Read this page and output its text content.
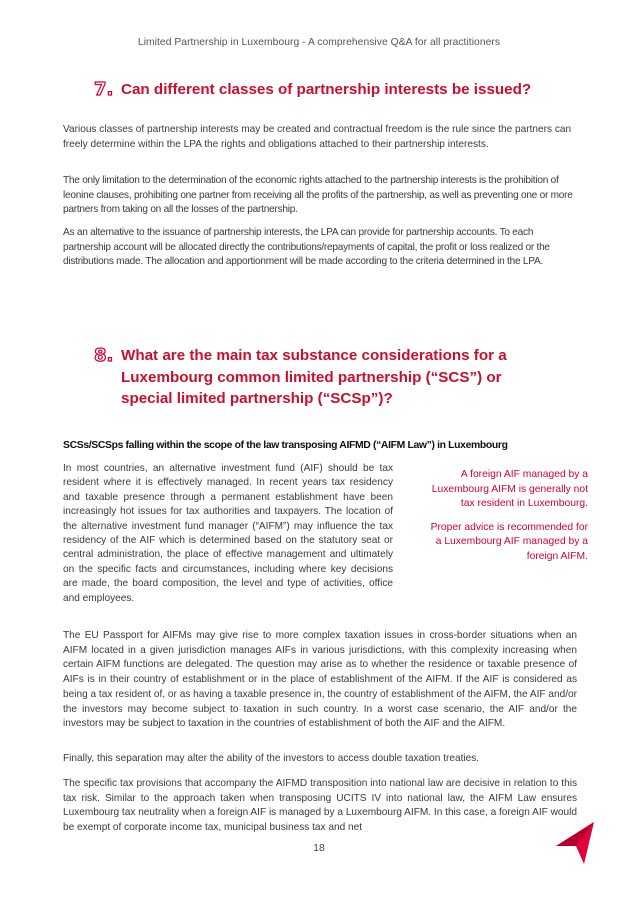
Limited Partnership in Luxembourg - A comprehensive Q&A for all practitioners
7. Can different classes of partnership interests be issued?
Various classes of partnership interests may be created and contractual freedom is the rule since the partners can freely determine within the LPA the rights and obligations attached to their partnership interests.
The only limitation to the determination of the economic rights attached to the partnership interests is the prohibition of leonine clauses, prohibiting one partner from receiving all the profits of the partnership, as well as preventing one or more partners from taking on all the losses of the partnership.
As an alternative to the issuance of partnership interests, the LPA can provide for partnership accounts. To each partnership account will be allocated directly the contributions/repayments of capital, the profit or loss realized or the distributions made. The allocation and apportionment will be made according to the criteria determined in the LPA.
8. What are the main tax substance considerations for a Luxembourg common limited partnership (“SCS”) or special limited partnership (“SCSp”)?
SCSs/SCSps falling within the scope of the law transposing AIFMD (“AIFM Law”) in Luxembourg
In most countries, an alternative investment fund (AIF) should be tax resident where it is effectively managed. In recent years tax residency and taxable presence through a permanent establishment have been increasingly hot issues for tax authorities and taxpayers. The location of the alternative investment fund manager (“AIFM”) may influence the tax residency of the AIF which is determined based on the statutory seat or central administration, the place of effective management and ultimately on the specific facts and circumstances, including where key decisions are made, the board composition, the level and type of activities, office and employees.

A foreign AIF managed by a Luxembourg AIFM is generally not tax resident in Luxembourg.

Proper advice is recommended for a Luxembourg AIF managed by a foreign AIFM.

The EU Passport for AIFMs may give rise to more complex taxation issues in cross-border situations when an AIFM located in a given jurisdiction manages AIFs in various jurisdictions, with this complexity increasing when certain AIFM functions are delegated. The question may arise as to whether the residence or taxable presence of AIFs is in their country of establishment or in the place of establishment of the AIFM. If the AIF is considered as being a tax resident of, or as having a taxable presence in, the country of establishment of the AIFM, the AIF and/or the investors may become subject to taxation in such country. In a worst case scenario, the AIF and/or the investors may be subject to taxation in the countries of establishment of both the AIF and the AIFM.
Finally, this separation may alter the ability of the investors to access double taxation treaties.
The specific tax provisions that accompany the AIFMD transposition into national law are decisive in relation to this tax risk. Similar to the approach taken when transposing UCITS IV into national law, the AIFM Law ensures Luxembourg tax neutrality when a foreign AIF is managed by a Luxembourg AIFM. In this case, a foreign AIF would be exempt of corporate income tax, municipal business tax and net
18
